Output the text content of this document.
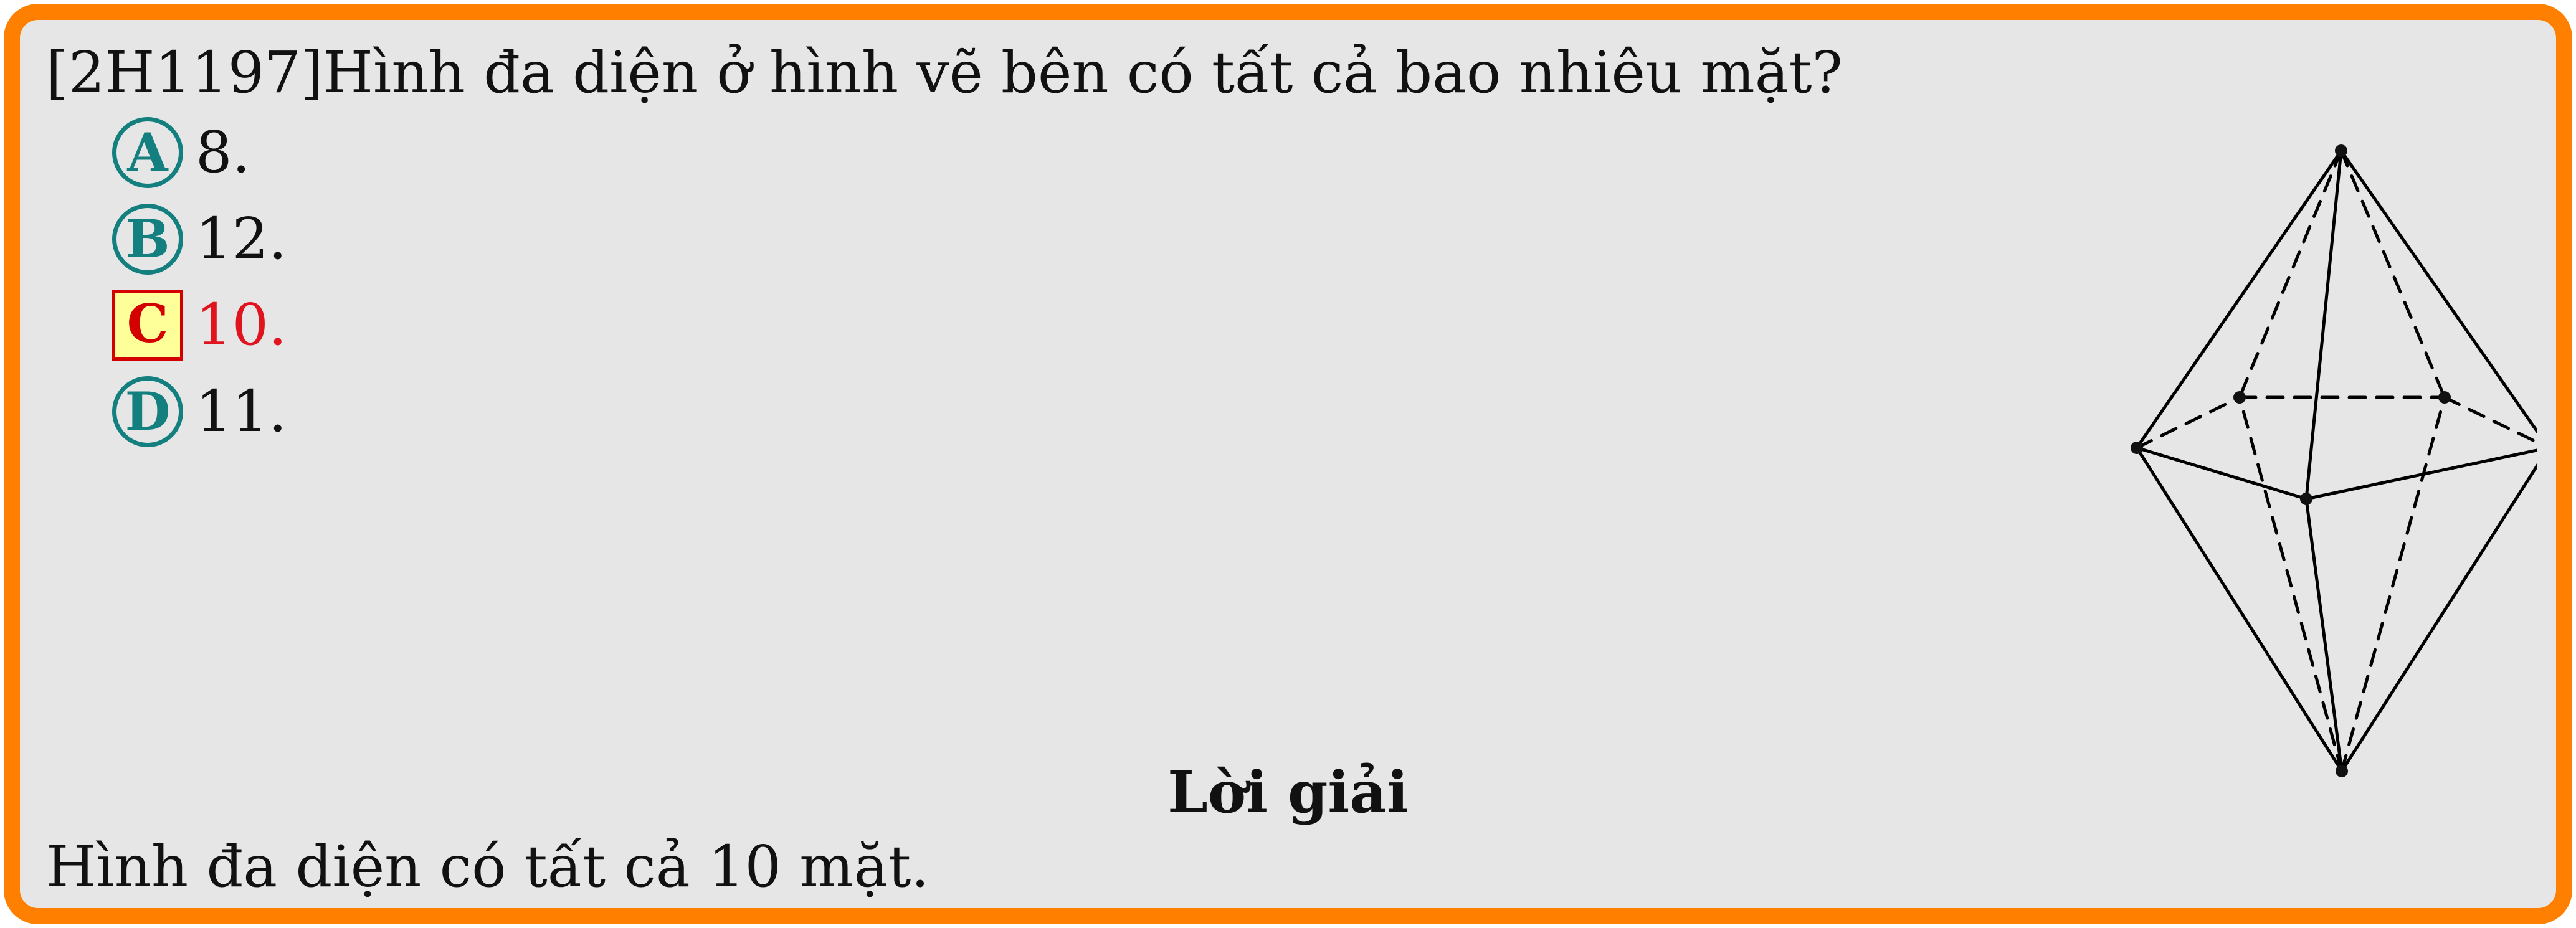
[2H1197]Hình đa diện ở hình vẽ bên có tất cả bao nhiêu mặt?
A 8.
B 12.
C 10.
D 11.
Lời giải
Hình đa diện có tất cả 10 mặt.
